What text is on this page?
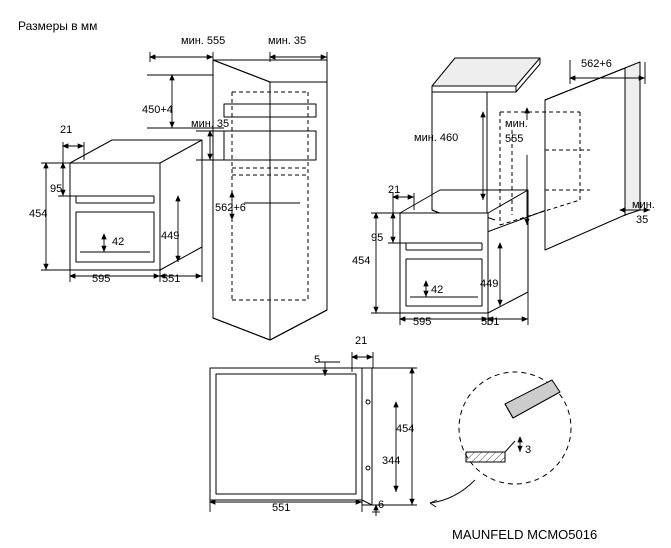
Размеры в мм
MAUNFELD MCMO5016
мин. 555	мин. 35
450+4
мин. 35
21
95
454	562+6
42	449
595	551
562+6
мин. 460
мин.
555
мин.
35
21
95
454
42	449
595	551
21
5
454
344
551	6
3
